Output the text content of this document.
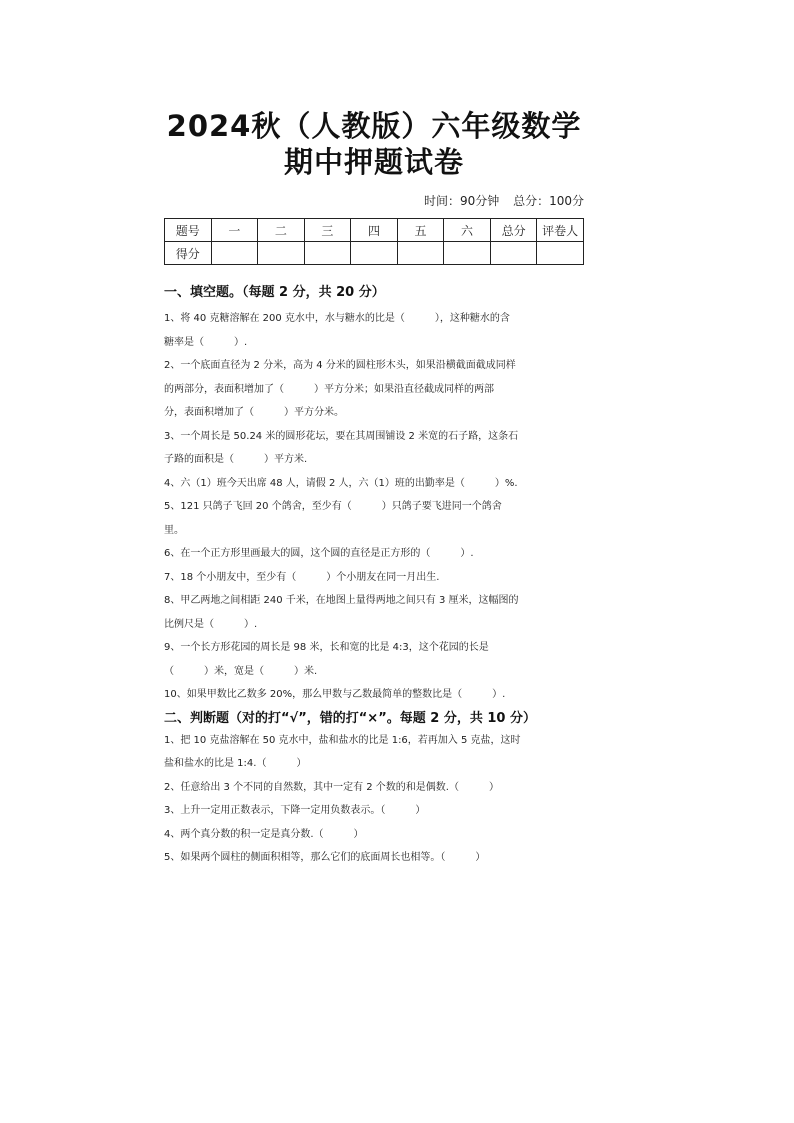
2024秋（人教版）六年级数学
期中押题试卷
时间：90分钟 总分：100分
题号	一	二	三	四	五	六	总分	评卷人
得分								
一、填空题。（每题 2 分，共 20 分）

1、将 40 克糖溶解在 200 克水中，水与糖水的比是（　　　），这种糖水的含

糖率是（　　　）.

2、一个底面直径为 2 分米，高为 4 分米的圆柱形木头，如果沿横截面截成同样

的两部分，表面积增加了（　　　）平方分米；如果沿直径截成同样的两部

分，表面积增加了（　　　）平方分米。

3、一个周长是 50.24 米的圆形花坛，要在其周围铺设 2 米宽的石子路，这条石

子路的面积是（　　　）平方米.

4、六（1）班今天出席 48 人，请假 2 人，六（1）班的出勤率是（　　　）%.

5、121 只鸽子飞回 20 个鸽舍，至少有（　　　）只鸽子要飞进同一个鸽舍

里。

6、在一个正方形里画最大的圆，这个圆的直径是正方形的（　　　）.

7、18 个小朋友中，至少有（　　　）个小朋友在同一月出生.

8、甲乙两地之间相距 240 千米，在地图上量得两地之间只有 3 厘米，这幅图的

比例尺是（　　　）.

9、一个长方形花园的周长是 98 米，长和宽的比是 4:3，这个花园的长是

（　　　）米，宽是（　　　）米.

10、如果甲数比乙数多 20%，那么甲数与乙数最简单的整数比是（　　　）.

二、判断题（对的打“√”，错的打“×”。每题 2 分，共 10 分）

1、把 10 克盐溶解在 50 克水中，盐和盐水的比是 1:6，若再加入 5 克盐，这时

盐和盐水的比是 1:4.（　　　）

2、任意给出 3 个不同的自然数，其中一定有 2 个数的和是偶数.（　　　）

3、上升一定用正数表示，下降一定用负数表示。（　　　）

4、两个真分数的积一定是真分数.（　　　）

5、如果两个圆柱的侧面积相等，那么它们的底面周长也相等。（　　　）
